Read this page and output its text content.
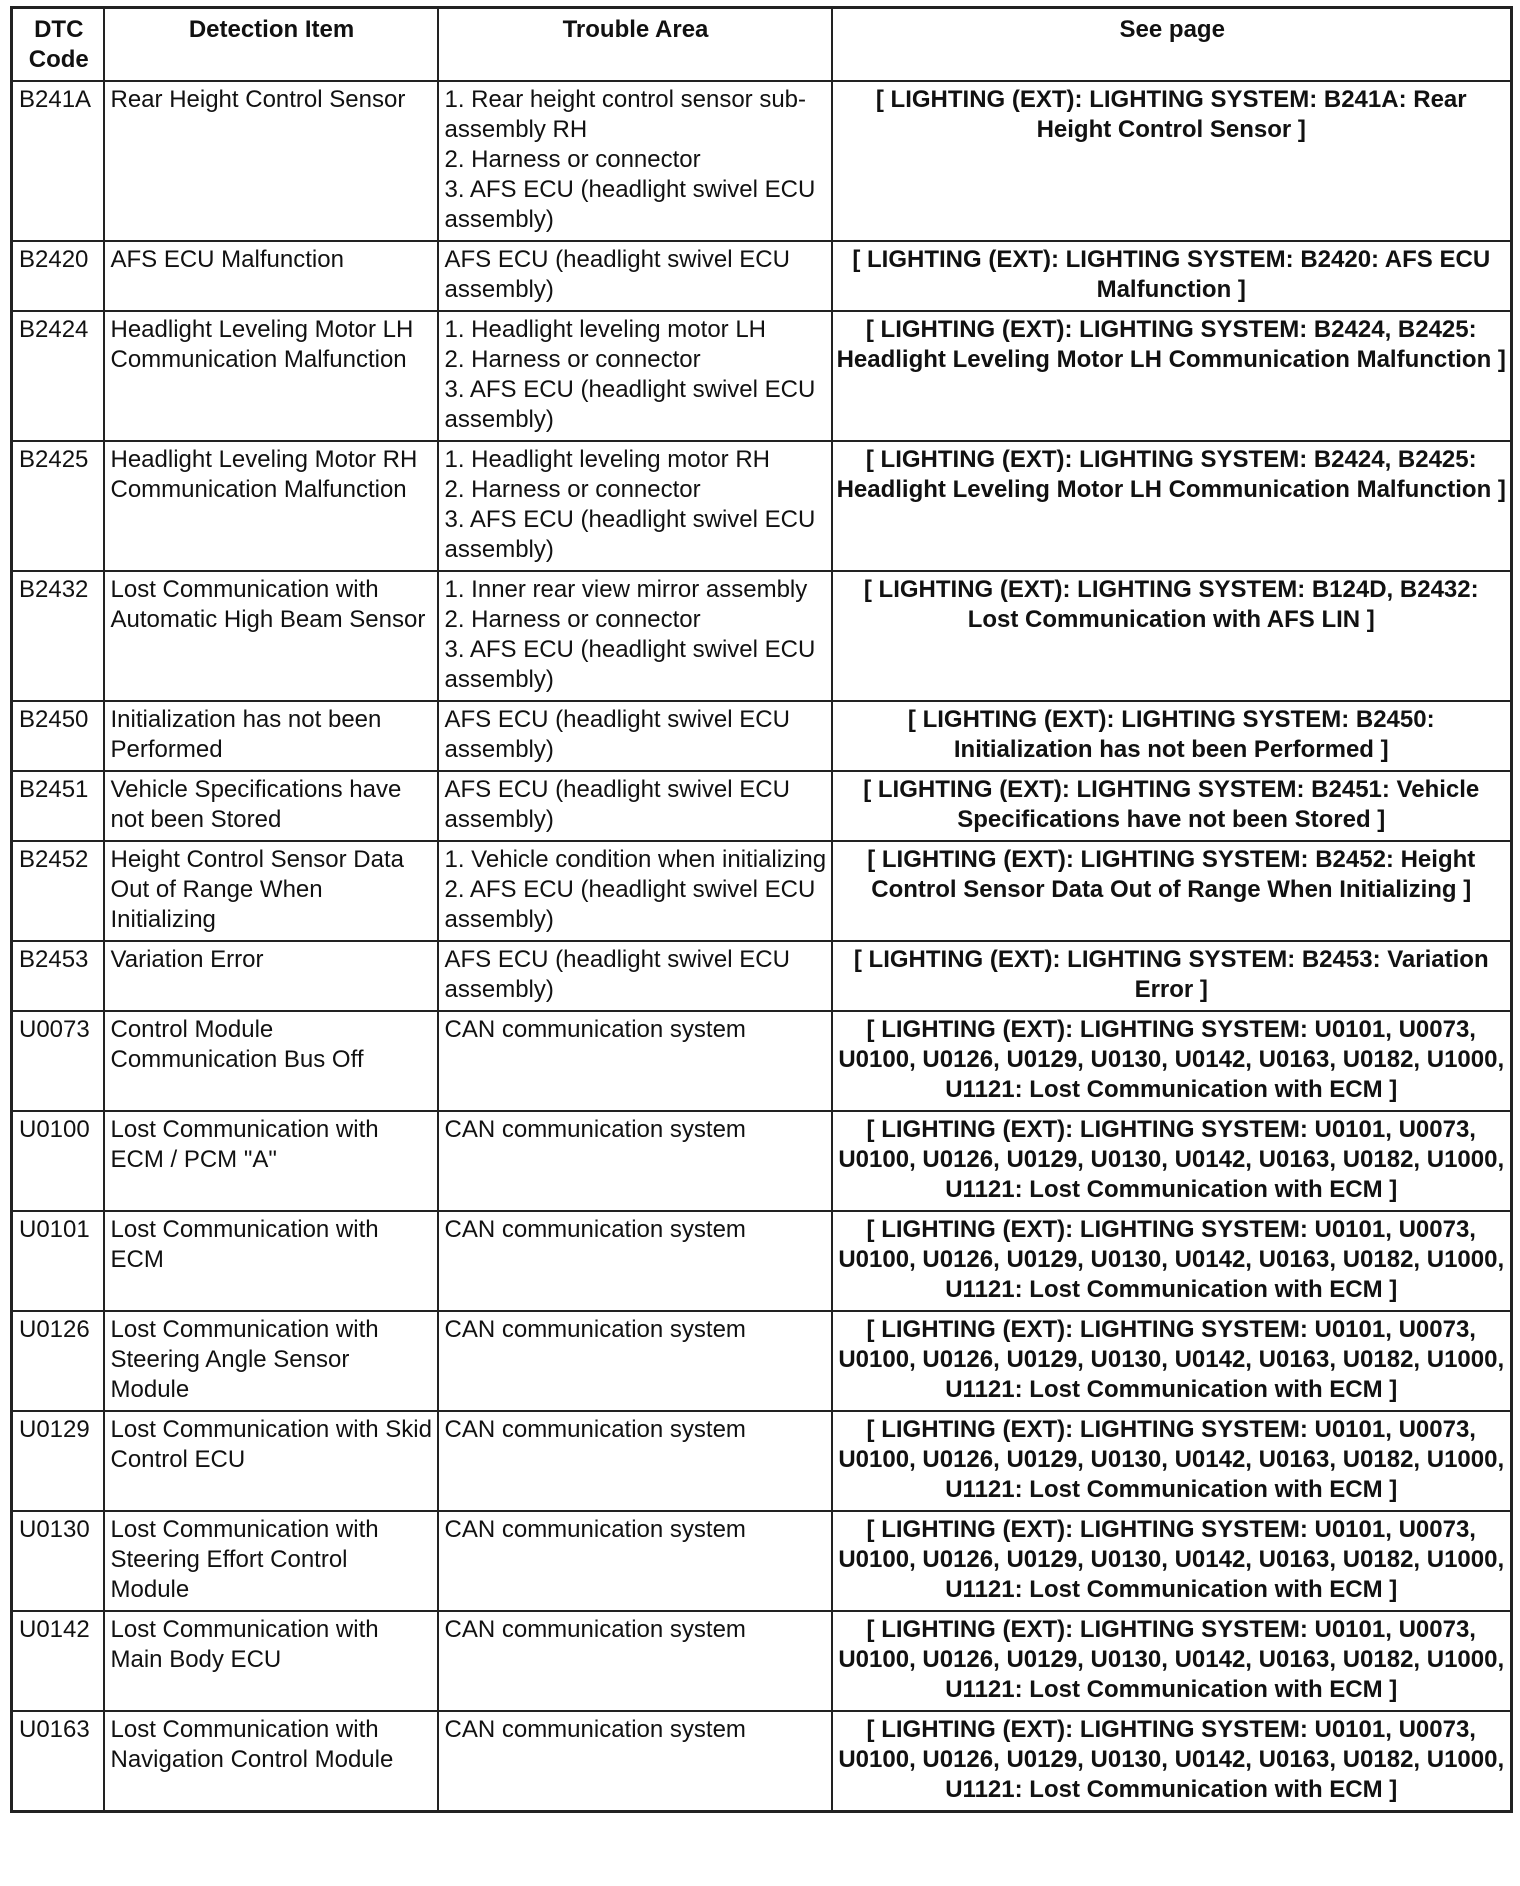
DTC Code	Detection Item	Trouble Area	See page
B241A	Rear Height Control Sensor	1. Rear height control sensor sub-assembly RH
2. Harness or connector
3. AFS ECU (headlight swivel ECU assembly)	[ LIGHTING (EXT): LIGHTING SYSTEM: B241A: Rear Height Control Sensor ]
B2420	AFS ECU Malfunction	AFS ECU (headlight swivel ECU assembly)	[ LIGHTING (EXT): LIGHTING SYSTEM: B2420: AFS ECU Malfunction ]
B2424	Headlight Leveling Motor LH Communication Malfunction	1. Headlight leveling motor LH
2. Harness or connector
3. AFS ECU (headlight swivel ECU assembly)	[ LIGHTING (EXT): LIGHTING SYSTEM: B2424, B2425: Headlight Leveling Motor LH Communication Malfunction ]
B2425	Headlight Leveling Motor RH Communication Malfunction	1. Headlight leveling motor RH
2. Harness or connector
3. AFS ECU (headlight swivel ECU assembly)	[ LIGHTING (EXT): LIGHTING SYSTEM: B2424, B2425: Headlight Leveling Motor LH Communication Malfunction ]
B2432	Lost Communication with Automatic High Beam Sensor	1. Inner rear view mirror assembly
2. Harness or connector
3. AFS ECU (headlight swivel ECU assembly)	[ LIGHTING (EXT): LIGHTING SYSTEM: B124D, B2432: Lost Communication with AFS LIN ]
B2450	Initialization has not been Performed	AFS ECU (headlight swivel ECU assembly)	[ LIGHTING (EXT): LIGHTING SYSTEM: B2450: Initialization has not been Performed ]
B2451	Vehicle Specifications have not been Stored	AFS ECU (headlight swivel ECU assembly)	[ LIGHTING (EXT): LIGHTING SYSTEM: B2451: Vehicle Specifications have not been Stored ]
B2452	Height Control Sensor Data Out of Range When Initializing	1. Vehicle condition when initializing
2. AFS ECU (headlight swivel ECU assembly)	[ LIGHTING (EXT): LIGHTING SYSTEM: B2452: Height Control Sensor Data Out of Range When Initializing ]
B2453	Variation Error	AFS ECU (headlight swivel ECU assembly)	[ LIGHTING (EXT): LIGHTING SYSTEM: B2453: Variation Error ]
U0073	Control Module Communication Bus Off	CAN communication system	[ LIGHTING (EXT): LIGHTING SYSTEM: U0101, U0073, U0100, U0126, U0129, U0130, U0142, U0163, U0182, U1000, U1121: Lost Communication with ECM ]
U0100	Lost Communication with ECM / PCM "A"	CAN communication system	[ LIGHTING (EXT): LIGHTING SYSTEM: U0101, U0073, U0100, U0126, U0129, U0130, U0142, U0163, U0182, U1000, U1121: Lost Communication with ECM ]
U0101	Lost Communication with ECM	CAN communication system	[ LIGHTING (EXT): LIGHTING SYSTEM: U0101, U0073, U0100, U0126, U0129, U0130, U0142, U0163, U0182, U1000, U1121: Lost Communication with ECM ]
U0126	Lost Communication with Steering Angle Sensor Module	CAN communication system	[ LIGHTING (EXT): LIGHTING SYSTEM: U0101, U0073, U0100, U0126, U0129, U0130, U0142, U0163, U0182, U1000, U1121: Lost Communication with ECM ]
U0129	Lost Communication with Skid Control ECU	CAN communication system	[ LIGHTING (EXT): LIGHTING SYSTEM: U0101, U0073, U0100, U0126, U0129, U0130, U0142, U0163, U0182, U1000, U1121: Lost Communication with ECM ]
U0130	Lost Communication with Steering Effort Control Module	CAN communication system	[ LIGHTING (EXT): LIGHTING SYSTEM: U0101, U0073, U0100, U0126, U0129, U0130, U0142, U0163, U0182, U1000, U1121: Lost Communication with ECM ]
U0142	Lost Communication with Main Body ECU	CAN communication system	[ LIGHTING (EXT): LIGHTING SYSTEM: U0101, U0073, U0100, U0126, U0129, U0130, U0142, U0163, U0182, U1000, U1121: Lost Communication with ECM ]
U0163	Lost Communication with Navigation Control Module	CAN communication system	[ LIGHTING (EXT): LIGHTING SYSTEM: U0101, U0073, U0100, U0126, U0129, U0130, U0142, U0163, U0182, U1000, U1121: Lost Communication with ECM ]
